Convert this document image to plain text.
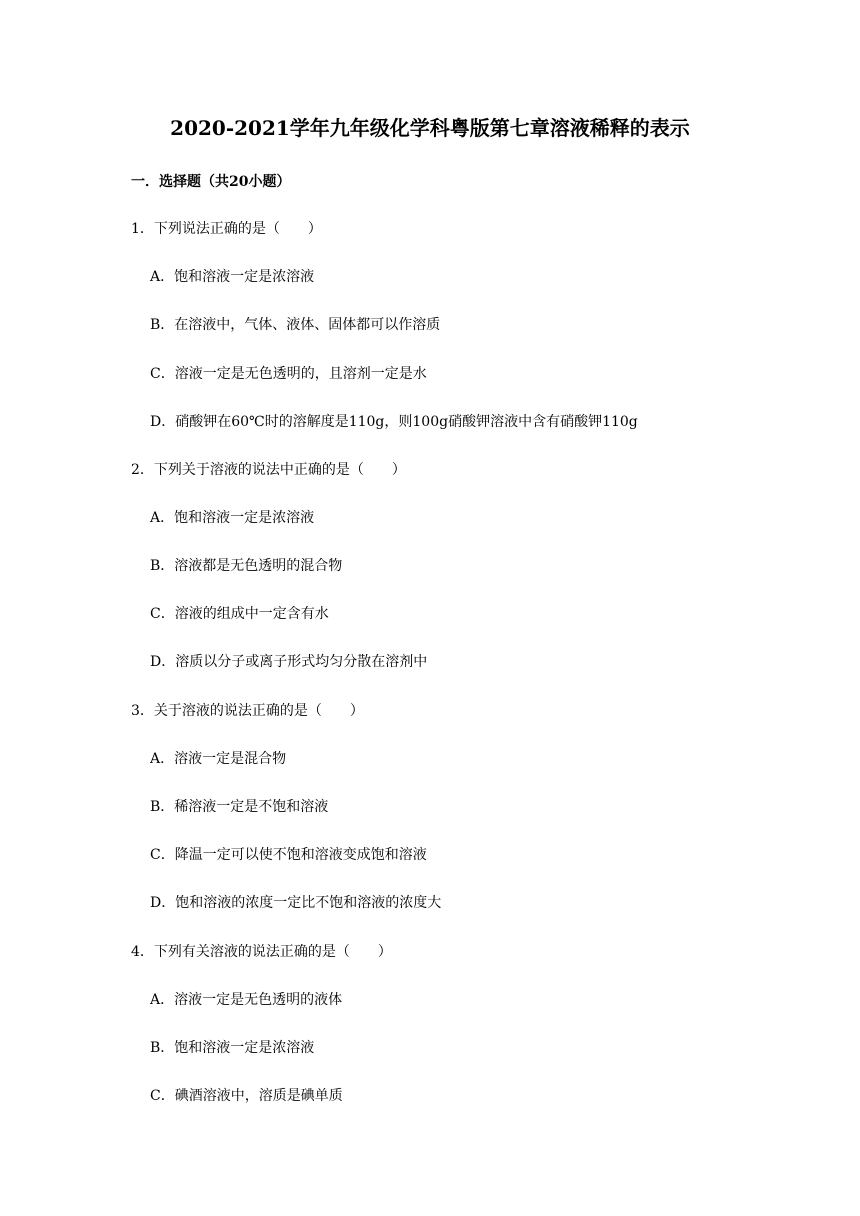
2020-2021学年九年级化学科粤版第七章溶液稀释的表示
一．选择题（共20小题）
1．下列说法正确的是（　　）
A．饱和溶液一定是浓溶液
B．在溶液中，气体、液体、固体都可以作溶质
C．溶液一定是无色透明的，且溶剂一定是水
D．硝酸钾在60℃时的溶解度是110g，则100g硝酸钾溶液中含有硝酸钾110g
2．下列关于溶液的说法中正确的是（　　）
A．饱和溶液一定是浓溶液
B．溶液都是无色透明的混合物
C．溶液的组成中一定含有水
D．溶质以分子或离子形式均匀分散在溶剂中
3．关于溶液的说法正确的是（　　）
A．溶液一定是混合物
B．稀溶液一定是不饱和溶液
C．降温一定可以使不饱和溶液变成饱和溶液
D．饱和溶液的浓度一定比不饱和溶液的浓度大
4．下列有关溶液的说法正确的是（　　）
A．溶液一定是无色透明的液体
B．饱和溶液一定是浓溶液
C．碘酒溶液中，溶质是碘单质
